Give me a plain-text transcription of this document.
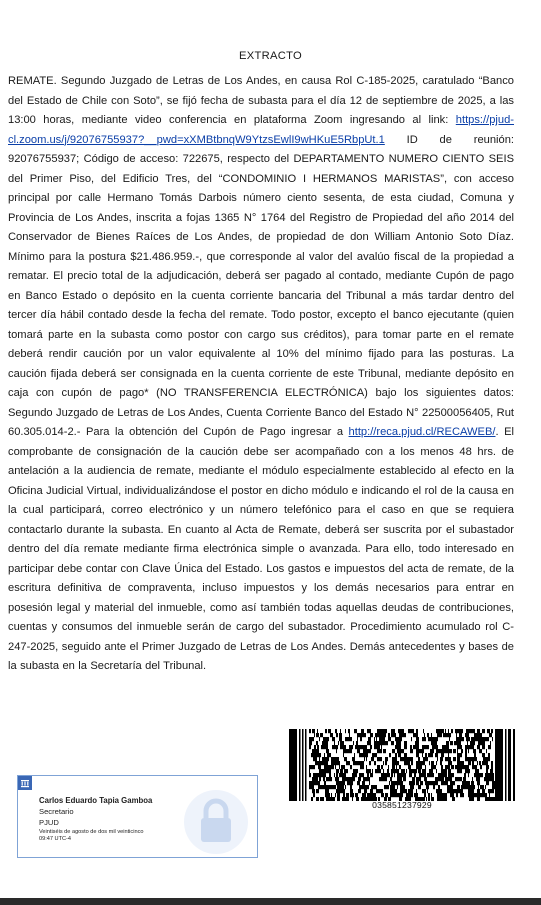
EXTRACTO
REMATE. Segundo Juzgado de Letras de Los Andes, en causa Rol C-185-2025, caratulado “Banco del Estado de Chile con Soto”, se fijó fecha de subasta para el día 12 de septiembre de 2025, a las 13:00 horas, mediante video conferencia en plataforma Zoom ingresando al link: https://pjud-cl.zoom.us/j/92076755937?__pwd=xXMBtbnqW9YtzsEwlI9wHKuE5RbpUt.1 ID de reunión: 92076755937; Código de acceso: 722675, respecto del DEPARTAMENTO NUMERO CIENTO SEIS del Primer Piso, del Edificio Tres, del “CONDOMINIO I HERMANOS MARISTAS”, con acceso principal por calle Hermano Tomás Darbois número ciento sesenta, de esta ciudad, Comuna y Provincia de Los Andes, inscrita a fojas 1365 N° 1764 del Registro de Propiedad del año 2014 del Conservador de Bienes Raíces de Los Andes, de propiedad de don William Antonio Soto Díaz. Mínimo para la postura $21.486.959.-, que corresponde al valor del avalúo fiscal de la propiedad a rematar. El precio total de la adjudicación, deberá ser pagado al contado, mediante Cupón de pago en Banco Estado o depósito en la cuenta corriente bancaria del Tribunal a más tardar dentro del tercer día hábil contado desde la fecha del remate. Todo postor, excepto el banco ejecutante (quien tomará parte en la subasta como postor con cargo sus créditos), para tomar parte en el remate deberá rendir caución por un valor equivalente al 10% del mínimo fijado para las posturas. La caución fijada deberá ser consignada en la cuenta corriente de este Tribunal, mediante depósito en caja con cupón de pago* (NO TRANSFERENCIA ELECTRÓNICA) bajo los siguientes datos: Segundo Juzgado de Letras de Los Andes, Cuenta Corriente Banco del Estado N° 22500056405, Rut 60.305.014-2.- Para la obtención del Cupón de Pago ingresar a http://reca.pjud.cl/RECAWEB/. El comprobante de consignación de la caución debe ser acompañado con a los menos 48 hrs. de antelación a la audiencia de remate, mediante el módulo especialmente establecido al efecto en la Oficina Judicial Virtual, individualizándose el postor en dicho módulo e indicando el rol de la causa en la cual participará, correo electrónico y un número telefónico para el caso en que se requiera contactarlo durante la subasta. En cuanto al Acta de Remate, deberá ser suscrita por el subastador dentro del día remate mediante firma electrónica simple o avanzada. Para ello, todo interesado en participar debe contar con Clave Única del Estado. Los gastos e impuestos del acta de remate, de la escritura definitiva de compraventa, incluso impuestos y los demás necesarios para entrar en posesión legal y material del inmueble, como así también todas aquellas deudas de contribuciones, cuentas y consumos del inmueble serán de cargo del subastador. Procedimiento acumulado rol C-247-2025, seguido ante el Primer Juzgado de Letras de Los Andes. Demás antecedentes y bases de la subasta en la Secretaría del Tribunal.
035851237929
Carlos Eduardo Tapia Gamboa
Secretario
PJUD
Veintiséis de agosto de dos mil veinticinco
09:47 UTC-4
